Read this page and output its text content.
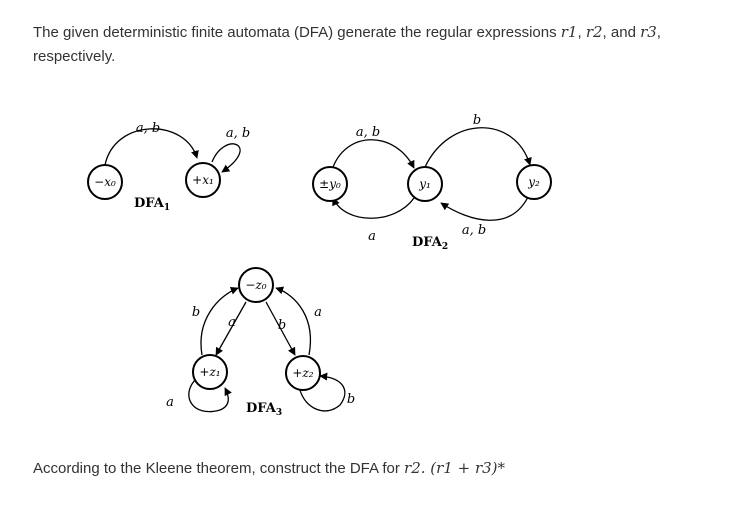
The given deterministic finite automata (DFA) generate the regular expressions r1, r2, and r3, respectively.
−x₀	+x₁
a, b	a, b
$DFA_1$
±y₀	y₁	y₂
a, b
a
b
a, b
$DFA_2$
−z₀
+z₁	+z₂
b
a	b
a
a	b
$DFA_3$
According to the Kleene theorem, construct the DFA for r2. (r1 + r3)*
